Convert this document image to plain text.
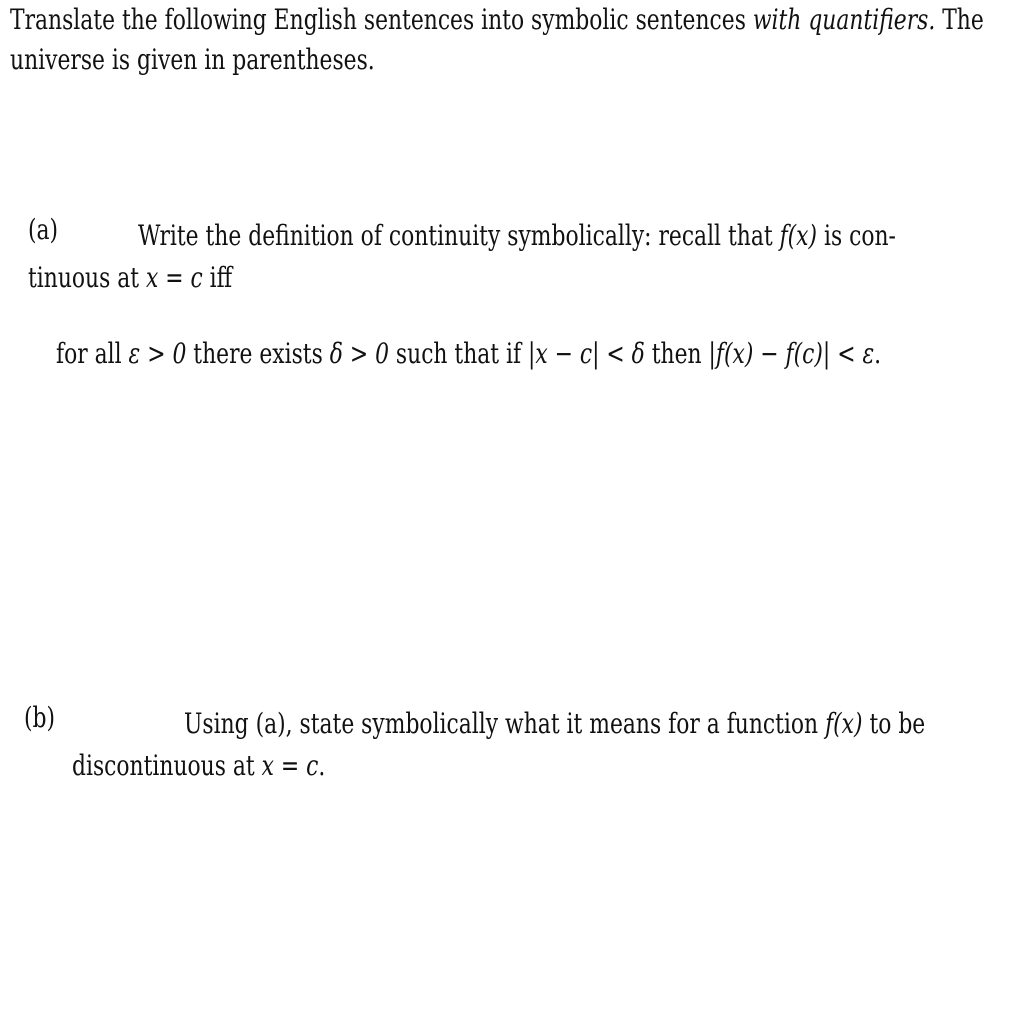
Translate the following English sentences into symbolic sentences with quantifiers. The
universe is given in parentheses.
(a)	Write the definition of continuity symbolically: recall that f(x) is con-
tinuous at x = c iff
for all ε > 0 there exists δ > 0 such that if |x − c| < δ then |f(x) − f(c)| < ε.
(b)	Using (a), state symbolically what it means for a function f(x) to be
discontinuous at x = c.
